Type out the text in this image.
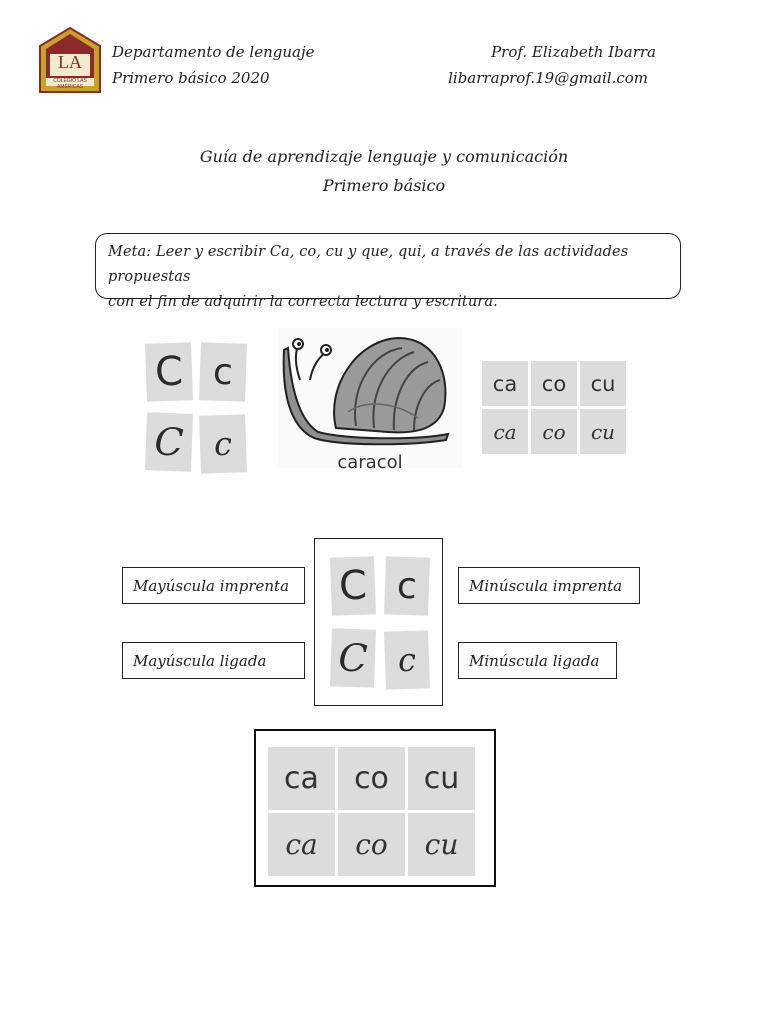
LA
COLEGIO LAS AMÉRICAS
Departamento de lenguaje
Primero básico 2020
Prof. Elizabeth Ibarra
libarraprof.19@gmail.com
Guía de aprendizaje lenguaje y comunicación
Primero básico
Meta: Leer y escribir Ca, co, cu y que, qui, a través de las actividades propuestas
con el fin de adquirir la correcta lectura y escritura.
C c
C c	caracol
ca co cu
ca co cu
Mayúscula imprenta
Mayúscula ligada
Minúscula imprenta
Minúscula ligada
C c
C c
ca co cu
ca co cu
